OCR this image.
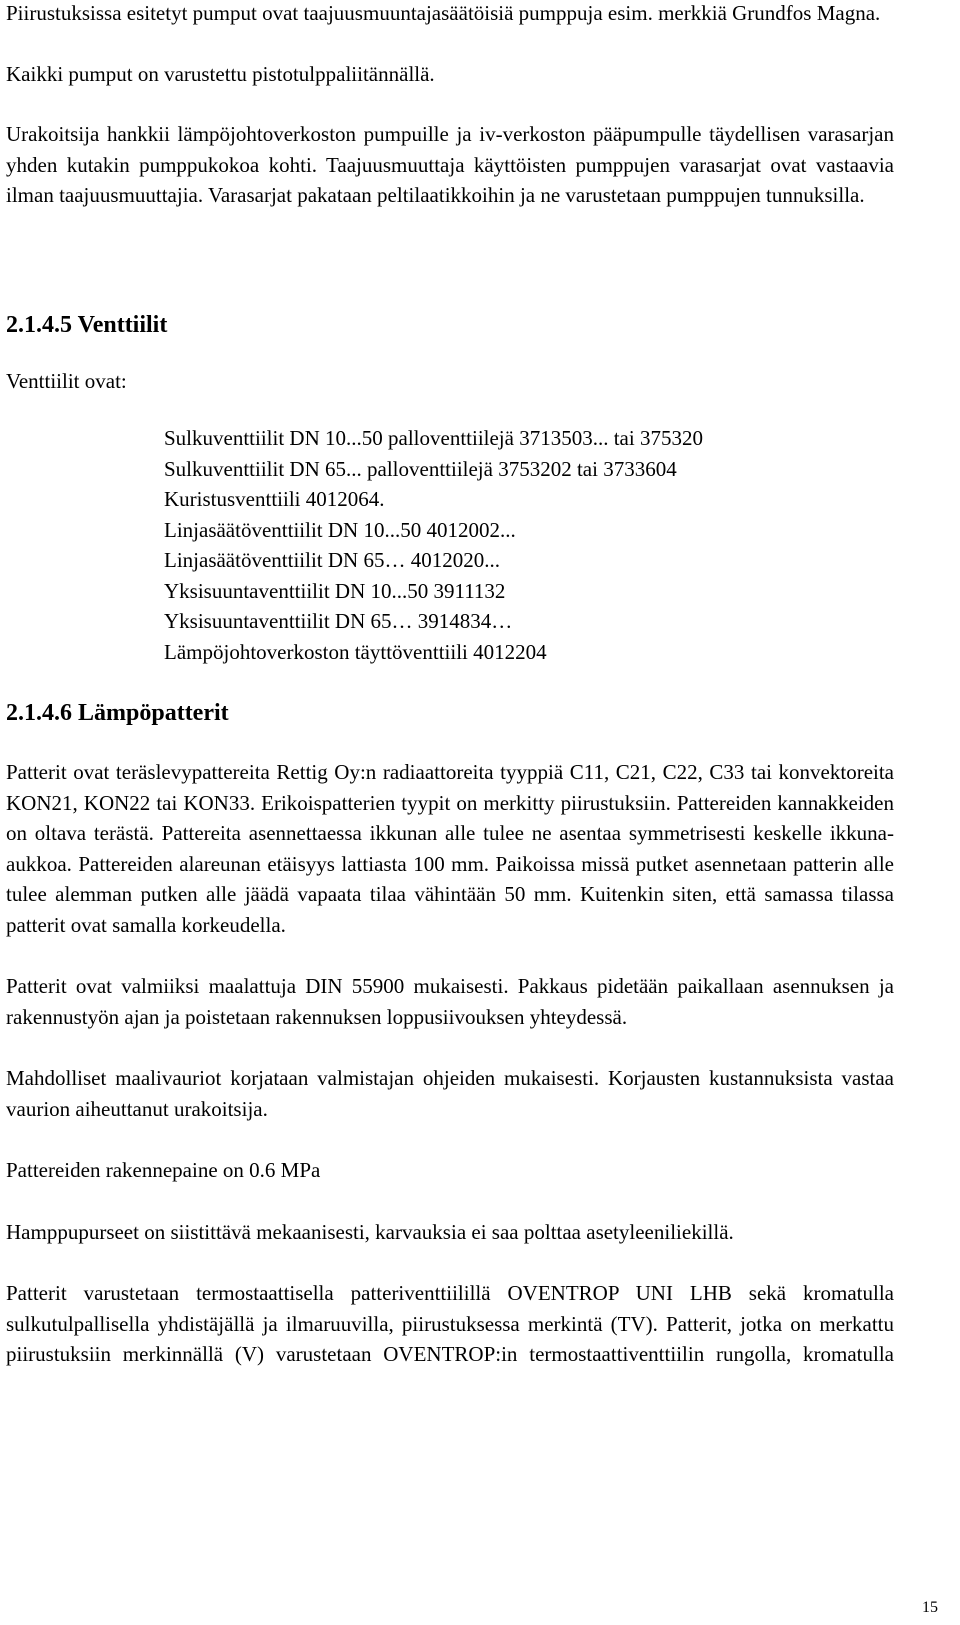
Piirustuksissa esitetyt pumput ovat taajuusmuuntajasäätöisiä pumppuja esim. merkkiä Grundfos Magna.

Kaikki pumput on varustettu pistotulppaliitännällä.

Urakoitsija hankkii lämpöjohtoverkoston pumpuille ja iv-verkoston pääpumpulle täydellisen varasarjan yhden kutakin pumppukokoa kohti. Taajuusmuuttaja käyttöisten pumppujen varasarjat ovat vastaavia ilman taajuusmuuttajia. Varasarjat pakataan peltilaatikkoihin ja ne varustetaan pumppujen tunnuksilla.

2.1.4.5 Venttiilit

Venttiilit ovat:

Sulkuventtiilit DN 10...50 palloventtiilejä 3713503... tai 375320
Sulkuventtiilit DN 65... palloventtiilejä 3753202 tai 3733604
Kuristusventtiili 4012064.
Linjasäätöventtiilit DN 10...50 4012002...
Linjasäätöventtiilit DN 65… 4012020...
Yksisuuntaventtiilit DN 10...50 3911132
Yksisuuntaventtiilit DN 65… 3914834…
Lämpöjohtoverkoston täyttöventtiili 4012204
2.1.4.6 Lämpöpatterit

Patterit ovat teräslevypattereita Rettig Oy:n radiaattoreita tyyppiä C11, C21, C22, C33 tai konvektoreita KON21, KON22 tai KON33. Erikoispatterien tyypit on merkitty piirustuksiin. Pattereiden kannakkeiden on oltava terästä. Pattereita asennettaessa ikkunan alle tulee ne asentaa symmetrisesti keskelle ikkuna-aukkoa. Pattereiden alareunan etäisyys lattiasta 100 mm. Paikoissa missä putket asennetaan patterin alle tulee alemman putken alle jäädä vapaata tilaa vähintään 50 mm. Kuitenkin siten, että samassa tilassa patterit ovat samalla korkeudella.

Patterit ovat valmiiksi maalattuja DIN 55900 mukaisesti. Pakkaus pidetään paikallaan asennuksen ja rakennustyön ajan ja poistetaan rakennuksen loppusiivouksen yhteydessä.

Mahdolliset maalivauriot korjataan valmistajan ohjeiden mukaisesti. Korjausten kustannuksista vastaa vaurion aiheuttanut urakoitsija.

Pattereiden rakennepaine on 0.6 MPa

Hamppupurseet on siistittävä mekaanisesti, karvauksia ei saa polttaa asetyleeniliekillä.

Patterit varustetaan termostaattisella patteriventtiilillä OVENTROP UNI LHB sekä kromatulla sulkutulpallisella yhdistäjällä ja ilmaruuvilla, piirustuksessa merkintä (TV). Patterit, jotka on merkattu piirustuksiin merkinnällä (V) varustetaan OVENTROP:in termostaattiventtiilin rungolla, kromatulla

15
